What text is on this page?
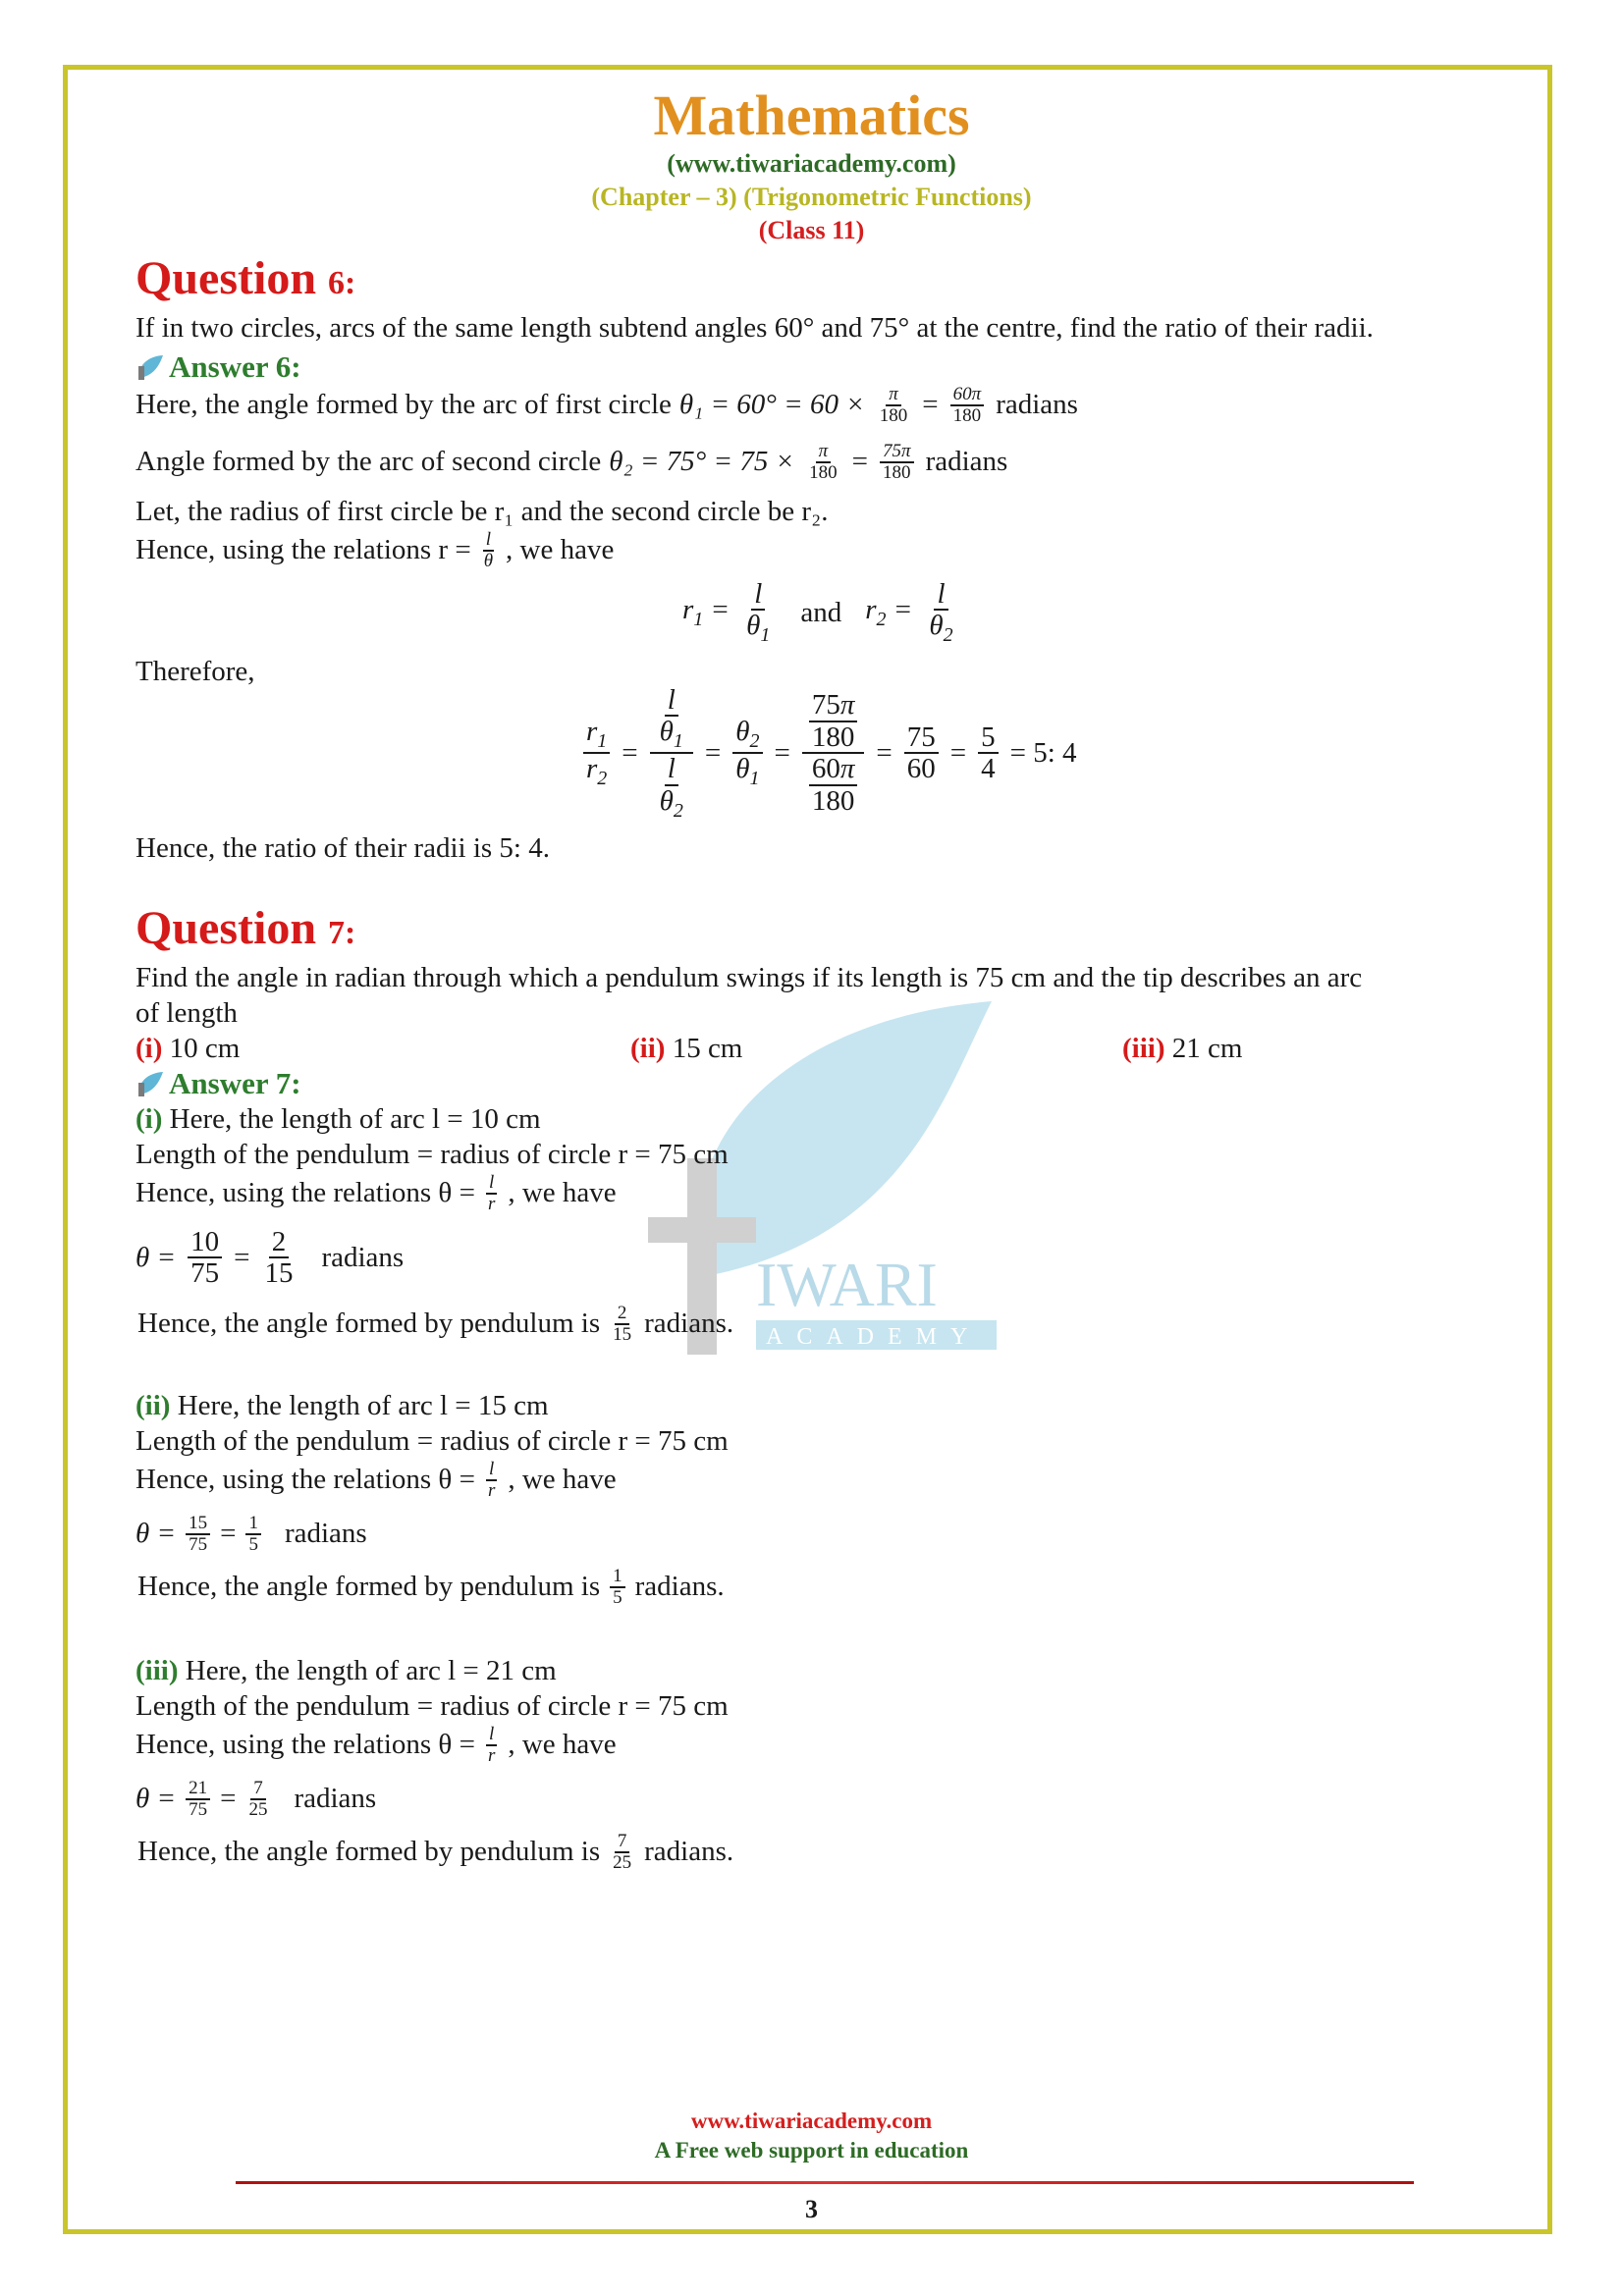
IWARI
ACADEMY
Mathematics
(www.tiwariacademy.com)
(Chapter – 3) (Trigonometric Functions)
(Class 11)
Question 6:
If in two circles, arcs of the same length subtend angles 60° and 75° at the centre, find the ratio of their radii.
Answer 6:
Here, the angle formed by the arc of first circle $\theta_1 = 60^\circ = 60 \times \frac{\pi}{180} = \frac{60\pi}{180}$ radians
Angle formed by the arc of second circle $\theta_2 = 75^\circ = 75 \times \frac{\pi}{180} = \frac{75\pi}{180}$ radians
Let, the radius of first circle be r₁ and the second circle be r₂.
Hence, using the relations $r = \frac{l}{\theta}$ , we have
$r_1 = \frac{l}{\theta_1}$ and $r_2 = \frac{l}{\theta_2}$
Therefore,
$\frac{r_1}{r_2} = \frac{\frac{l}{\theta_1}}{\frac{l}{\theta_2}} = \frac{\theta_2}{\theta_1} = \frac{\frac{75\pi}{180}}{\frac{60\pi}{180}} = \frac{75}{60} = \frac{5}{4} = 5$: 4
Hence, the ratio of their radii is 5: 4.
Question 7:
Find the angle in radian through which a pendulum swings if its length is 75 cm and the tip describes an arc
of length
(i) 10 cm	(ii) 15 cm	(iii) 21 cm
Answer 7:
(i) Here, the length of arc l = 10 cm
Length of the pendulum = radius of circle r = 75 cm
Hence, using the relations $\theta = \frac{l}{r}$ , we have
$\theta = \frac{10}{75} = \frac{2}{15}$ radians
Hence, the angle formed by pendulum is $\frac{2}{15}$ radians.
(ii) Here, the length of arc l = 15 cm
Length of the pendulum = radius of circle r = 75 cm
Hence, using the relations $\theta = \frac{l}{r}$ , we have
$\theta = \frac{15}{75} = \frac{1}{5}$ radians
Hence, the angle formed by pendulum is $\frac{1}{5}$ radians.
(iii) Here, the length of arc l = 21 cm
Length of the pendulum = radius of circle r = 75 cm
Hence, using the relations $\theta = \frac{l}{r}$ , we have
$\theta = \frac{21}{75} = \frac{7}{25}$ radians
Hence, the angle formed by pendulum is $\frac{7}{25}$ radians.
www.tiwariacademy.com
A Free web support in education
3
